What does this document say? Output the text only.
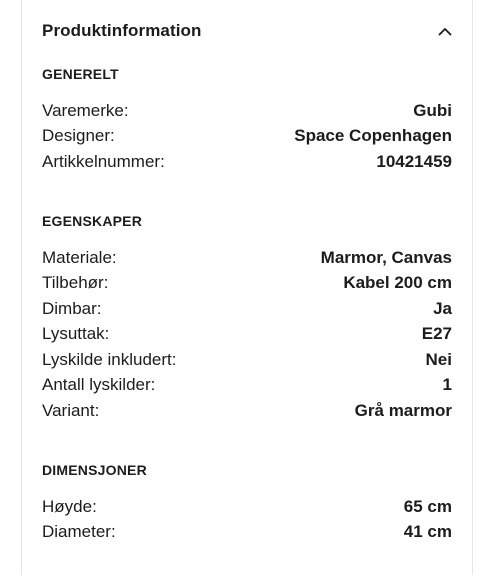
Produktinformation
GENERELT
Varemerke:	Gubi
Designer:	Space Copenhagen
Artikkelnummer:	10421459
EGENSKAPER
Materiale:	Marmor, Canvas
Tilbehør:	Kabel 200 cm
Dimbar:	Ja
Lysuttak:	E27
Lyskilde inkludert:	Nei
Antall lyskilder:	1
Variant:	Grå marmor
DIMENSJONER
Høyde:	65 cm
Diameter:	41 cm
